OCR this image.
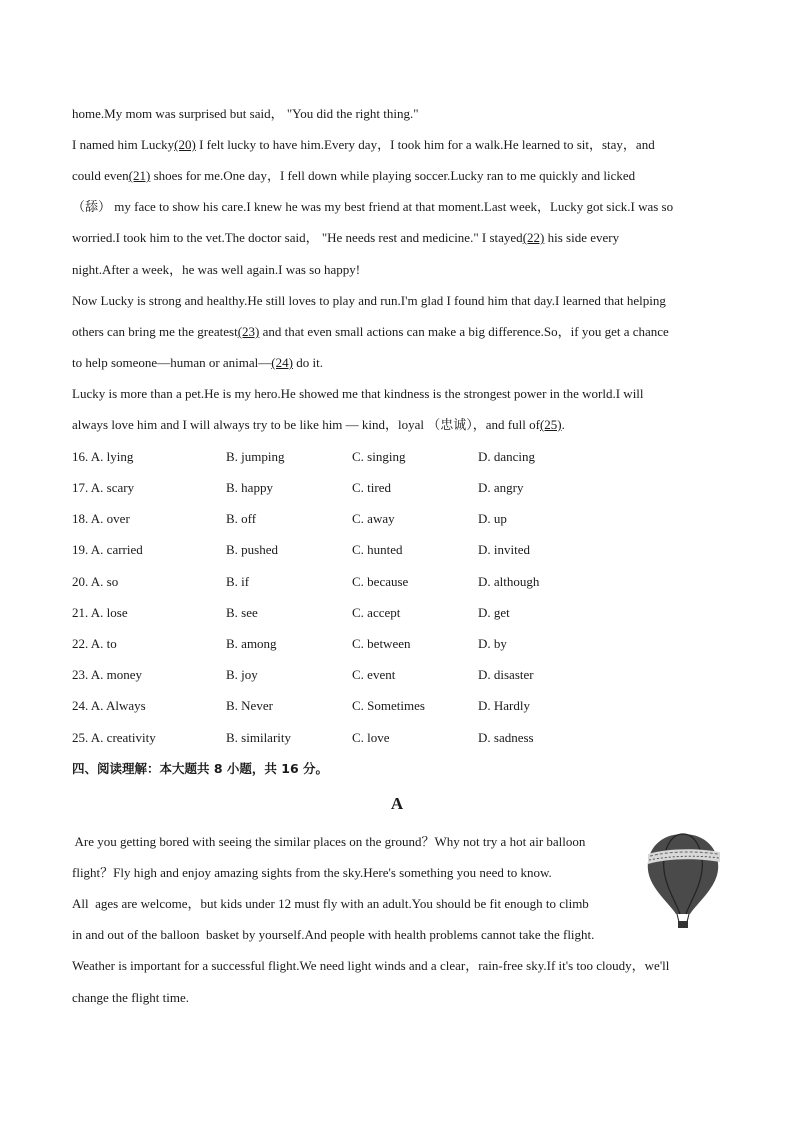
home.My mom was surprised but said， "You did the right thing."
I named him Lucky(20) I felt lucky to have him.Every day，I took him for a walk.He learned to sit，stay，and
could even(21) shoes for me.One day，I fell down while playing soccer.Lucky ran to me quickly and licked
（舔） my face to show his care.I knew he was my best friend at that moment.Last week，Lucky got sick.I was so
worried.I took him to the vet.The doctor said， "He needs rest and medicine." I stayed(22) his side every
night.After a week，he was well again.I was so happy!
Now Lucky is strong and healthy.He still loves to play and run.I'm glad I found him that day.I learned that helping
others can bring me the greatest(23) and that even small actions can make a big difference.So，if you get a chance
to help someone—human or animal—(24) do it.
Lucky is more than a pet.He is my hero.He showed me that kindness is the strongest power in the world.I will
always love him and I will always try to be like him — kind，loyal （忠诚），and full of(25).
16. A. lying	B. jumping	C. singing	D. dancing
17. A. scary	B. happy	C. tired	D. angry
18. A. over	B. off	C. away	D. up
19. A. carried	B. pushed	C. hunted	D. invited
20. A. so	B. if	C. because	D. although
21. A. lose	B. see	C. accept	D. get
22. A. to	B. among	C. between	D. by
23. A. money	B. joy	C. event	D. disaster
24. A. Always	B. Never	C. Sometimes	D. Hardly
25. A. creativity	B. similarity	C. love	D. sadness
四、阅读理解：本大题共 8 小题，共 16 分。
A
Are you getting bored with seeing the similar places on the ground？Why not try a hot air balloon
flight？Fly high and enjoy amazing sights from the sky.Here's something you need to know.
All  ages are welcome，but kids under 12 must fly with an adult.You should be fit enough to climb
in and out of the balloon  basket by yourself.And people with health problems cannot take the flight.
Weather is important for a successful flight.We need light winds and a clear，rain-free sky.If it's too cloudy，we'll
change the flight time.
